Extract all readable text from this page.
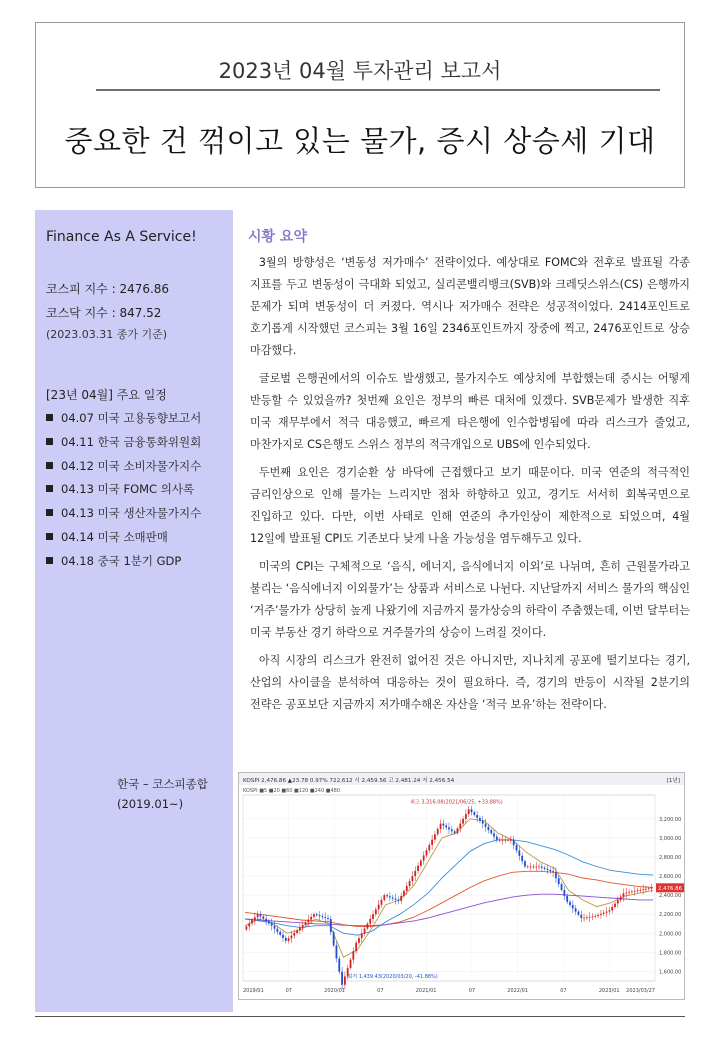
2023년 04월 투자관리 보고서
중요한 건 꺾이고 있는 물가, 증시 상승세 기대
Finance As A Service!
코스피 지수 : 2476.86
코스닥 지수 : 847.52
(2023.03.31 종가 기준)
[23년 04월] 주요 일정
04.07 미국 고용동향보고서
04.11 한국 금융통화위원회
04.12 미국 소비자물가지수
04.13 미국 FOMC 의사록
04.13 미국 생산자물가지수
04.14 미국 소매판매
04.18 중국 1분기 GDP
한국 – 코스피종합
(2019.01~)
시황 요약

3월의 방향성은 ‘변동성 저가매수’ 전략이었다. 예상대로 FOMC와 전후로 발표될 각종 지표를 두고 변동성이 극대화 되었고, 실리콘밸리뱅크(SVB)와 크레딧스위스(CS) 은행까지 문제가 되며 변동성이 더 커졌다. 역시나 저가매수 전략은 성공적이었다. 2414포인트로 호기롭게 시작했던 코스피는 3월 16일 2346포인트까지 장중에 찍고, 2476포인트로 상승 마감했다.

글로벌 은행권에서의 이슈도 발생했고, 물가지수도 예상치에 부합했는데 증시는 어떻게 반등할 수 있었을까? 첫번째 요인은 정부의 빠른 대처에 있겠다. SVB문제가 발생한 직후 미국 재무부에서 적극 대응했고, 빠르게 타은행에 인수합병됨에 따라 리스크가 줄었고, 마찬가지로 CS은행도 스위스 정부의 적극개입으로 UBS에 인수되었다.

두번째 요인은 경기순환 상 바닥에 근접했다고 보기 때문이다. 미국 연준의 적극적인 금리인상으로 인해 물가는 느리지만 점차 하향하고 있고, 경기도 서서히 회복국면으로 진입하고 있다. 다만, 이번 사태로 인해 연준의 추가인상이 제한적으로 되었으며, 4월 12일에 발표될 CPI도 기존보다 낮게 나올 가능성을 염두해두고 있다.

미국의 CPI는 구체적으로 ‘음식, 에너지, 음식에너지 이외’로 나뉘며, 흔히 근원물가라고 불리는 ‘음식에너지 이외물가’는 상품과 서비스로 나뉜다. 지난달까지 서비스 물가의 핵심인 ‘거주’물가가 상당히 높게 나왔기에 지금까지 물가상승의 하락이 주춤했는데, 이번 달부터는 미국 부동산 경기 하락으로 거주물가의 상승이 느려질 것이다.

아직 시장의 리스크가 완전히 없어진 것은 아니지만, 지나치게 공포에 떨기보다는 경기, 산업의 사이클을 분석하여 대응하는 것이 필요하다. 즉, 경기의 반등이 시작될 2분기의 전략은 공포보단 지금까지 저가매수해온 자산을 ‘적극 보유’하는 전략이다.

KOSPI 2,476.86 ▲23.78 0.97% 722,612 시 2,459.56 고 2,481.24 저 2,456.54	[1년]
KOSPI ■5 ■20 ■60 ■120 ■240 ■480
3,200.00
3,000.00
2,800.00
2,600.00
2,400.00
2,200.00
2,000.00
1,800.00
1,600.00
2019/01	07	2020/01	07	2021/01	07	2022/01	07	2023/01 2023/03/27
최고 3,316.08(2021/06/25, +33.88%)
최저 1,439.43(2020/03/20, -41.88%)
2,476.86
